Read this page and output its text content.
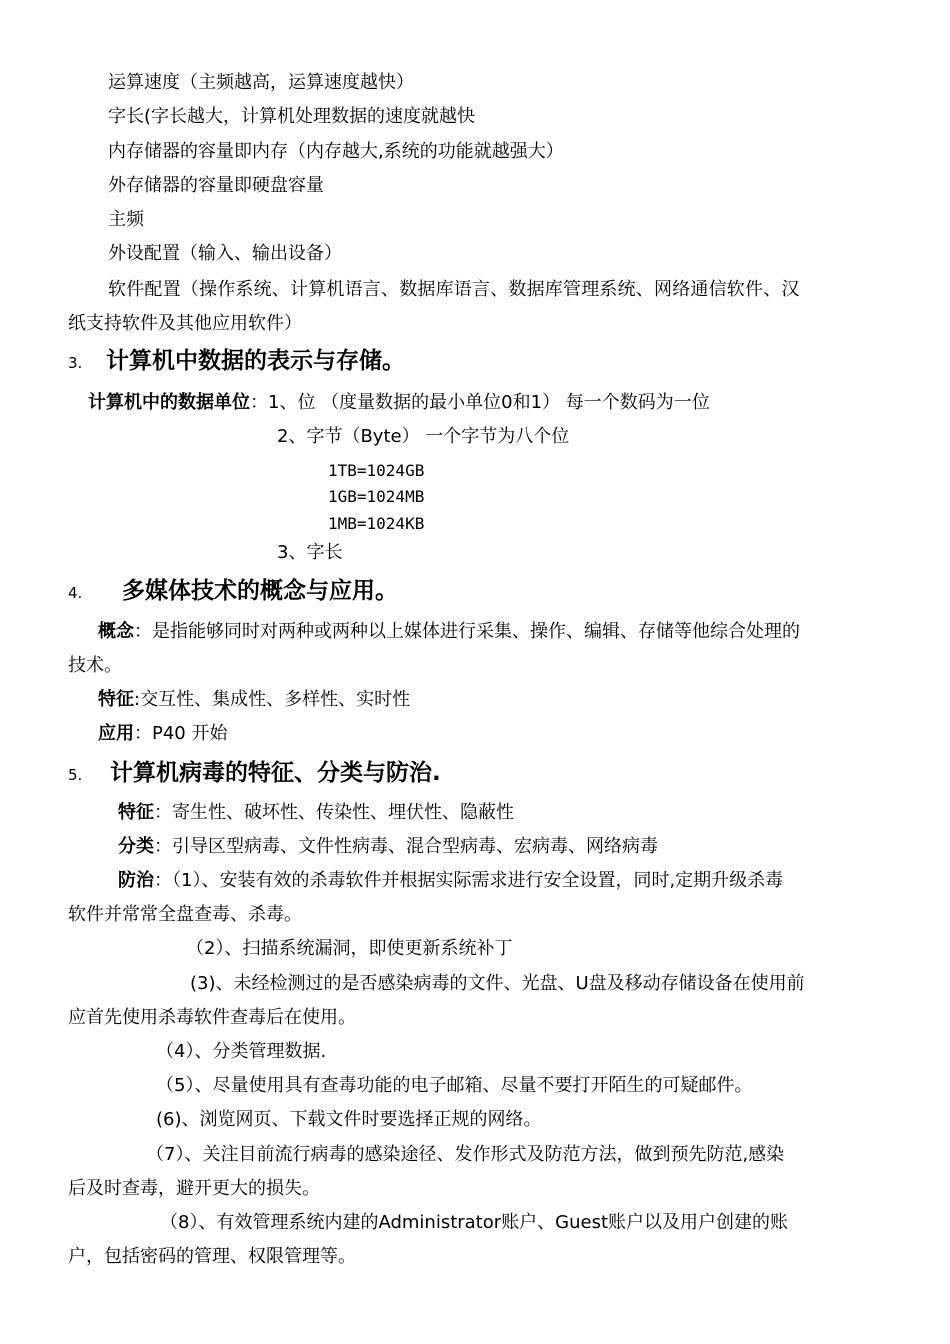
运算速度（主频越高，运算速度越快）
字长(字长越大，计算机处理数据的速度就越快
内存储器的容量即内存（内存越大,系统的功能就越强大）
外存储器的容量即硬盘容量
主频
外设配置（输入、输出设备）
软件配置（操作系统、计算机语言、数据库语言、数据库管理系统、网络通信软件、汉
纸支持软件及其他应用软件）
3. 计算机中数据的表示与存储。
计算机中的数据单位：1、位 （度量数据的最小单位0和1） 每一个数码为一位
2、字节（Byte） 一个字节为八个位
1TB=1024GB
1GB=1024MB
1MB=1024KB
3、字长
4. 多媒体技术的概念与应用。
概念：是指能够同时对两种或两种以上媒体进行采集、操作、编辑、存储等他综合处理的
技术。
特征:交互性、集成性、多样性、实时性
应用：P40 开始
5. 计算机病毒的特征、分类与防治.
特征：寄生性、破坏性、传染性、埋伏性、隐蔽性
分类：引导区型病毒、文件性病毒、混合型病毒、宏病毒、网络病毒
防治：（1）、安装有效的杀毒软件并根据实际需求进行安全设置，同时,定期升级杀毒
软件并常常全盘查毒、杀毒。
（2）、扫描系统漏洞，即使更新系统补丁
(3)、未经检测过的是否感染病毒的文件、光盘、U盘及移动存储设备在使用前
应首先使用杀毒软件查毒后在使用。
（4）、分类管理数据.
（5）、尽量使用具有查毒功能的电子邮箱、尽量不要打开陌生的可疑邮件。
(6)、浏览网页、下载文件时要选择正规的网络。
（7）、关注目前流行病毒的感染途径、发作形式及防范方法，做到预先防范,感染
后及时查毒，避开更大的损失。
（8）、有效管理系统内建的Administrator账户、Guest账户以及用户创建的账
户，包括密码的管理、权限管理等。
